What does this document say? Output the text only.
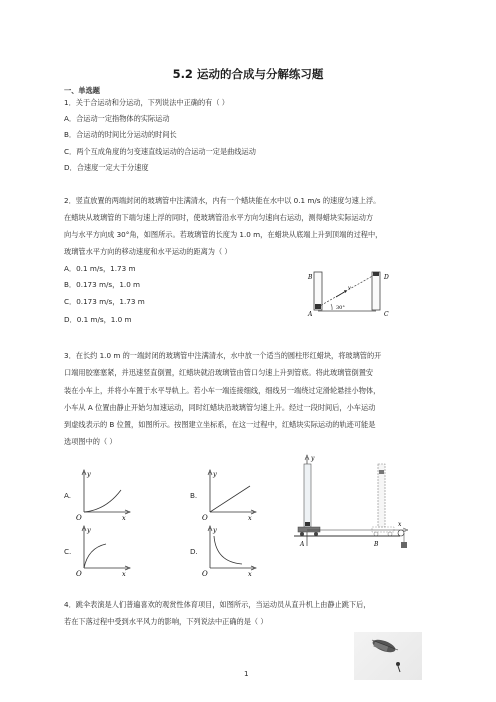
5.2 运动的合成与分解练习题
一、单选题
1．关于合运动和分运动，下列说法中正确的有（ ）
A．合运动一定指物体的实际运动
B．合运动的时间比分运动的时间长
C．两个互成角度的匀变速直线运动的合运动一定是曲线运动
D．合速度一定大于分速度
2．竖直放置的两端封闭的玻璃管中注满清水，内有一个蜡块能在水中以 0.1 m/s 的速度匀速上浮。
在蜡块从玻璃管的下端匀速上浮的同时，使玻璃管沿水平方向匀速向右运动，测得蜡块实际运动方
向与水平方向成 30°角，如图所示。若玻璃管的长度为 1.0 m，在蜡块从底端上升到顶端的过程中，
玻璃管水平方向的移动速度和水平运动的距离为（ ）
A．0.1 m/s，1.73 m
B．0.173 m/s，1.0 m
C．0.173 m/s，1.73 m
D．0.1 m/s，1.0 m
B	D
A	C
v
30°
3．在长约 1.0 m 的一端封闭的玻璃管中注满清水，水中放一个适当的圆柱形红蜡块，将玻璃管的开
口端用胶塞塞紧，并迅速竖直倒置，红蜡块就沿玻璃管由管口匀速上升到管底。将此玻璃管倒置安
装在小车上，并将小车置于水平导轨上。若小车一端连接细线，细线另一端绕过定滑轮悬挂小物体，
小车从 A 位置由静止开始匀加速运动，同时红蜡块沿玻璃管匀速上升。经过一段时间后，小车运动
到虚线表示的 B 位置，如图所示。按图建立坐标系，在这一过程中，红蜡块实际运动的轨迹可能是
选项图中的（ ）
A.
y
O	x
B.
y
O	x
C.
y
O	x
D.
y
O	x
y
A	B
x
4．跳伞表演是人们普遍喜欢的观赏性体育项目，如图所示，当运动员从直升机上由静止跳下后，
若在下落过程中受到水平风力的影响，下列说法中正确的是（ ）
1
